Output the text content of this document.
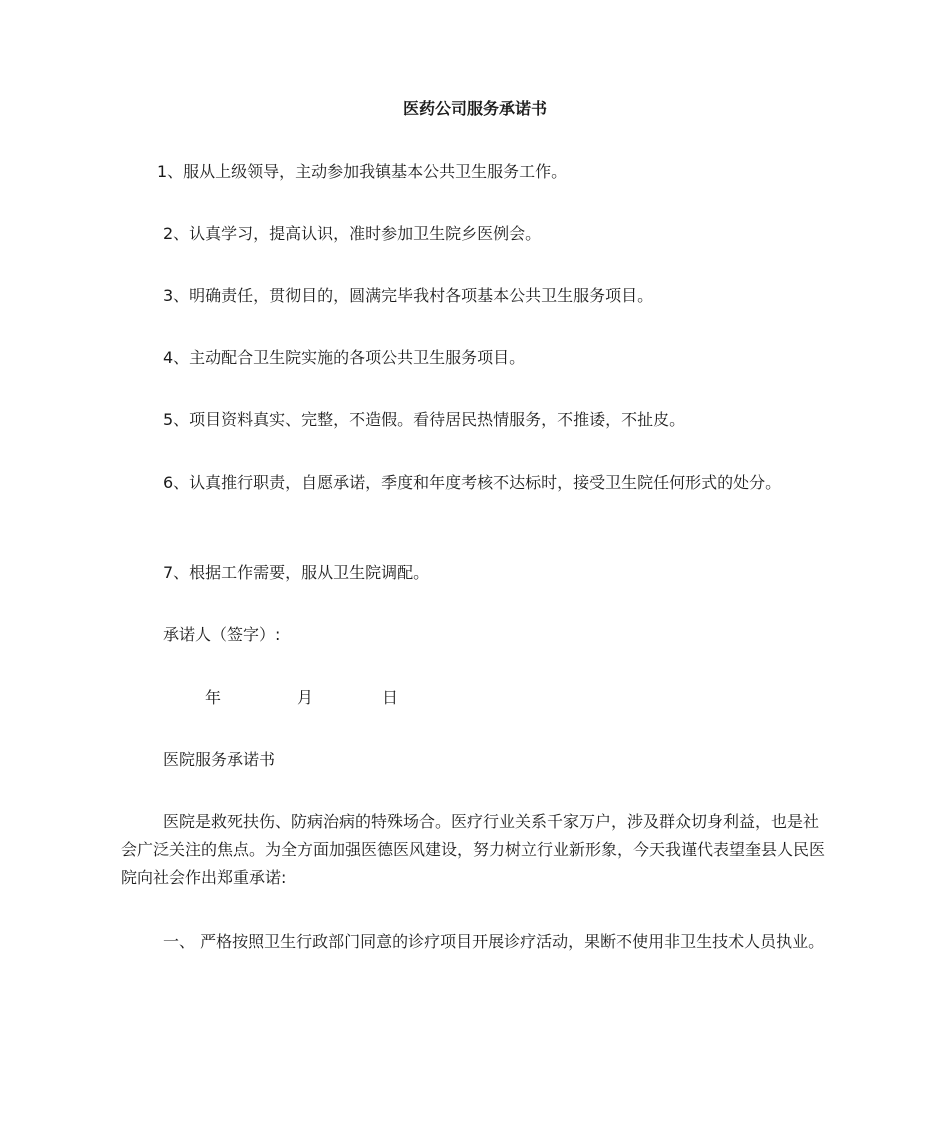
医药公司服务承诺书
1、服从上级领导，主动参加我镇基本公共卫生服务工作。
2、认真学习，提高认识，准时参加卫生院乡医例会。
3、明确责任，贯彻目的，圆满完毕我村各项基本公共卫生服务项目。
4、主动配合卫生院实施的各项公共卫生服务项目。
5、项目资料真实、完整，不造假。看待居民热情服务，不推诿，不扯皮。
6、认真推行职责，自愿承诺，季度和年度考核不达标时，接受卫生院任何形式的处分。
7、根据工作需要，服从卫生院调配。
承诺人（签字）:
年	月	日
医院服务承诺书
医院是救死扶伤、防病治病的特殊场合。医疗行业关系千家万户，涉及群众切身利益，也是社会广泛关注的焦点。为全方面加强医德医风建设，努力树立行业新形象，今天我谨代表望奎县人民医院向社会作出郑重承诺:
一、 严格按照卫生行政部门同意的诊疗项目开展诊疗活动，果断不使用非卫生技术人员执业。
